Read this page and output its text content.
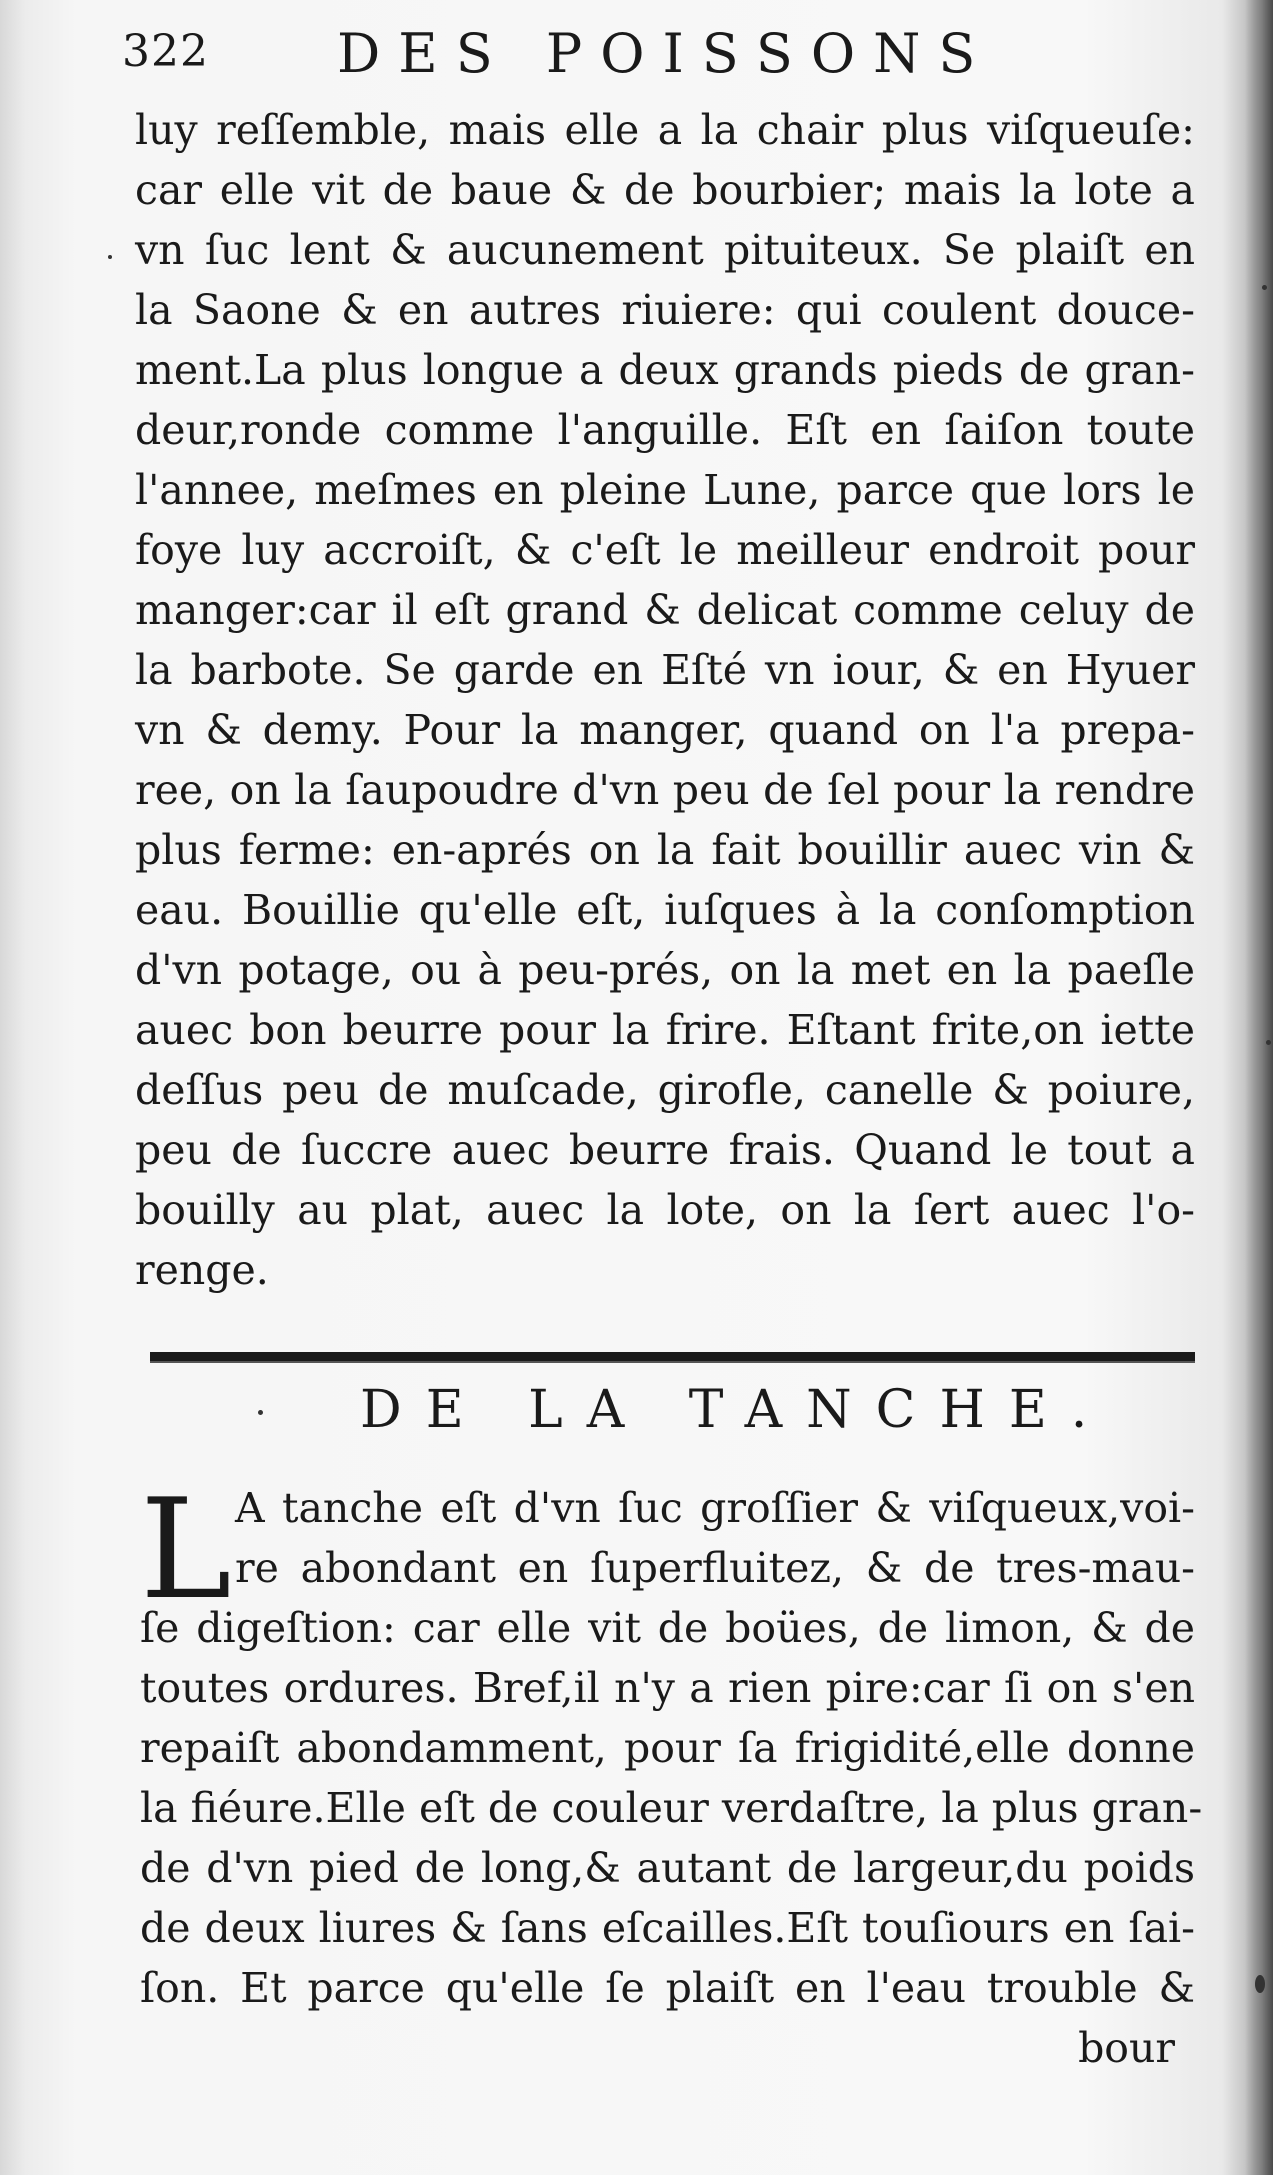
322 DES POISSONS
luy reſſemble, mais elle a la chair plus viſqueuſe:
car elle vit de baue & de bourbier; mais la lote a
vn ſuc lent & aucunement pituiteux. Se plaiſt en
la Saone & en autres riuiere: qui coulent douce-
ment.La plus longue a deux grands pieds de gran-
deur,ronde comme l'anguille. Eſt en ſaiſon toute
l'annee, meſmes en pleine Lune, parce que lors le
foye luy accroiſt, & c'eſt le meilleur endroit pour
manger:car il eſt grand & delicat comme celuy de
la barbote. Se garde en Eſté vn iour, & en Hyuer
vn & demy. Pour la manger, quand on l'a prepa-
ree, on la ſaupoudre d'vn peu de ſel pour la rendre
plus ferme: en-aprés on la fait bouillir auec vin &
eau. Bouillie qu'elle eſt, iuſques à la conſomption
d'vn potage, ou à peu-prés, on la met en la paeſle
auec bon beurre pour la frire. Eſtant frite,on iette
deſſus peu de muſcade, girofle, canelle & poiure,
peu de ſuccre auec beurre frais. Quand le tout a
bouilly au plat, auec la lote, on la ſert auec l'o-
renge.
DE LA TANCHE.
L A tanche eſt d'vn ſuc groſſier & viſqueux,voi-
re abondant en ſuperfluitez, & de tres-mau-
ſe digeſtion: car elle vit de boües, de limon, & de
toutes ordures. Bref,il n'y a rien pire:car ſi on s'en
repaiſt abondamment, pour ſa frigidité,elle donne
la fiéure.Elle eſt de couleur verdaſtre, la plus gran-
de d'vn pied de long,& autant de largeur,du poids
de deux liures & ſans eſcailles.Eſt touſiours en ſai-
ſon. Et parce qu'elle ſe plaiſt en l'eau trouble &
bour
